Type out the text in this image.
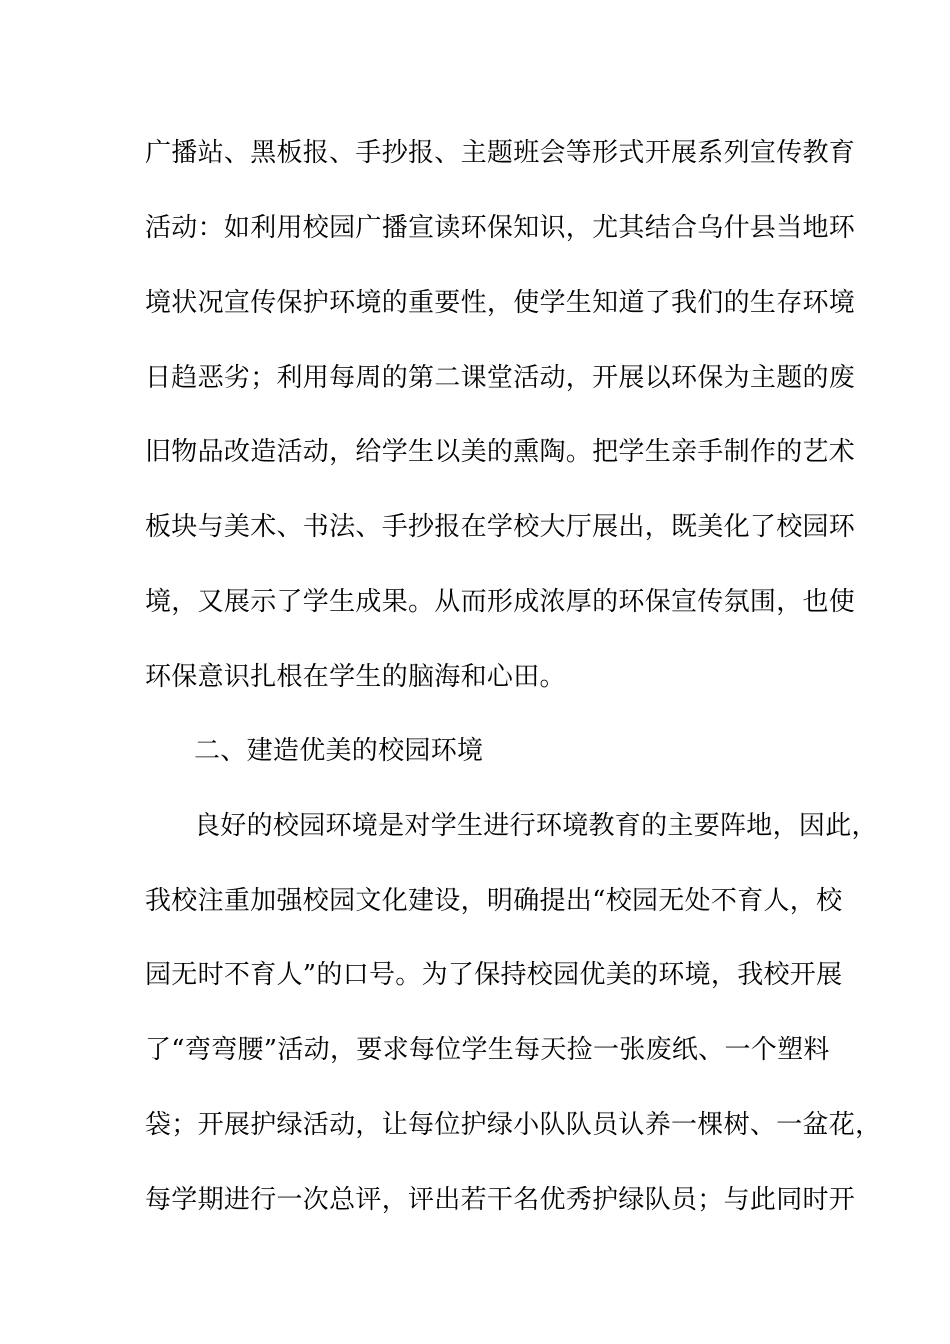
广播站、黑板报、手抄报、主题班会等形式开展系列宣传教育
活动：如利用校园广播宣读环保知识，尤其结合乌什县当地环
境状况宣传保护环境的重要性，使学生知道了我们的生存环境
日趋恶劣；利用每周的第二课堂活动，开展以环保为主题的废
旧物品改造活动，给学生以美的熏陶。把学生亲手制作的艺术
板块与美术、书法、手抄报在学校大厅展出，既美化了校园环
境，又展示了学生成果。从而形成浓厚的环保宣传氛围，也使
环保意识扎根在学生的脑海和心田。
二、建造优美的校园环境
良好的校园环境是对学生进行环境教育的主要阵地，因此，
我校注重加强校园文化建设，明确提出“校园无处不育人，校
园无时不育人”的口号。为了保持校园优美的环境，我校开展
了“弯弯腰”活动，要求每位学生每天捡一张废纸、一个塑料
袋；开展护绿活动，让每位护绿小队队员认养一棵树、一盆花，
每学期进行一次总评，评出若干名优秀护绿队员；与此同时开
